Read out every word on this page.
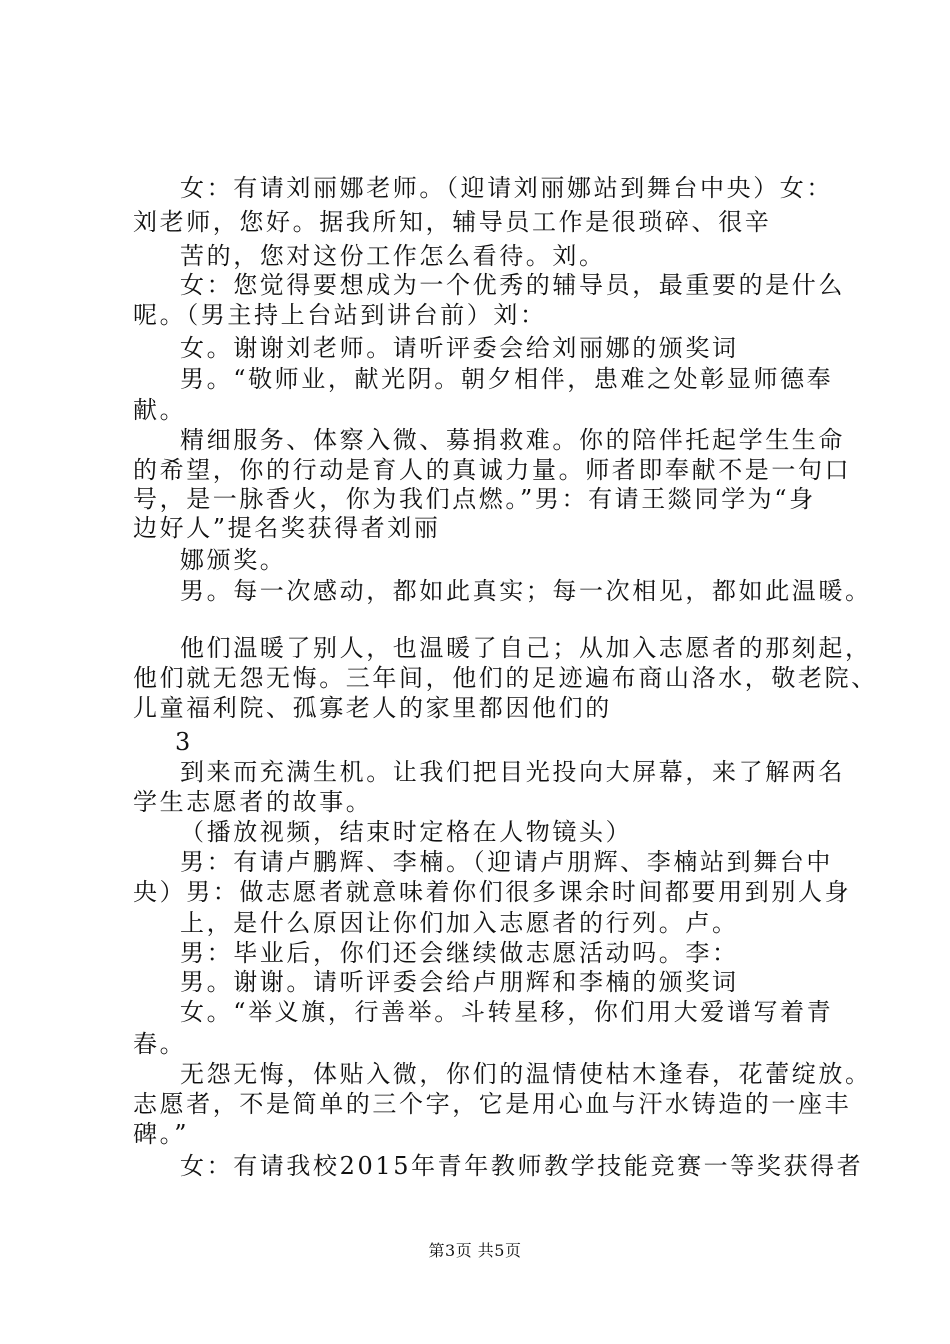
女：有请刘丽娜老师。（迎请刘丽娜站到舞台中央）女：
刘老师，您好。据我所知，辅导员工作是很琐碎、很辛
苦的，您对这份工作怎么看待。刘。
女：您觉得要想成为一个优秀的辅导员，最重要的是什么
呢。（男主持上台站到讲台前）刘：
女。谢谢刘老师。请听评委会给刘丽娜的颁奖词
男。“敬师业，献光阴。朝夕相伴，患难之处彰显师德奉
献。
精细服务、体察入微、募捐救难。你的陪伴托起学生生命
的希望，你的行动是育人的真诚力量。师者即奉献不是一句口
号，是一脉香火，你为我们点燃。”男：有请王燚同学为“身
边好人”提名奖获得者刘丽
娜颁奖。
男。每一次感动，都如此真实；每一次相见，都如此温暖。
他们温暖了别人，也温暖了自己；从加入志愿者的那刻起，
他们就无怨无悔。三年间，他们的足迹遍布商山洛水，敬老院、
儿童福利院、孤寡老人的家里都因他们的
3
到来而充满生机。让我们把目光投向大屏幕，来了解两名
学生志愿者的故事。
（播放视频，结束时定格在人物镜头）
男：有请卢鹏辉、李楠。（迎请卢朋辉、李楠站到舞台中
央）男：做志愿者就意味着你们很多课余时间都要用到别人身
上，是什么原因让你们加入志愿者的行列。卢。
男：毕业后，你们还会继续做志愿活动吗。李：
男。谢谢。请听评委会给卢朋辉和李楠的颁奖词
女。“举义旗，行善举。斗转星移，你们用大爱谱写着青
春。
无怨无悔，体贴入微，你们的温情使枯木逢春，花蕾绽放。
志愿者，不是简单的三个字，它是用心血与汗水铸造的一座丰
碑。”
女：有请我校2015年青年教师教学技能竞赛一等奖获得者
第3页 共5页
